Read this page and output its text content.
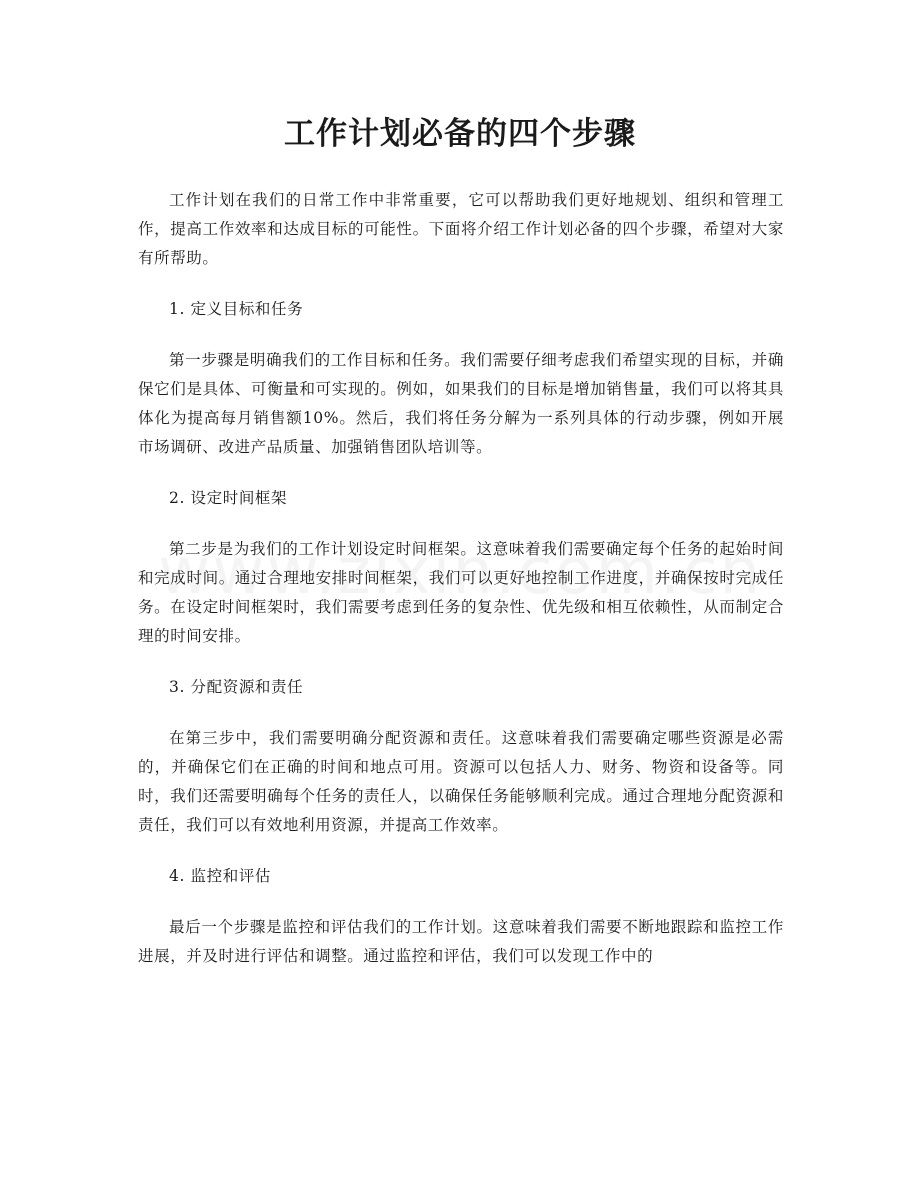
工作计划必备的四个步骤

工作计划在我们的日常工作中非常重要，它可以帮助我们更好地规划、组织和管理工作，提高工作效率和达成目标的可能性。下面将介绍工作计划必备的四个步骤，希望对大家有所帮助。

1. 定义目标和任务

第一步骤是明确我们的工作目标和任务。我们需要仔细考虑我们希望实现的目标，并确保它们是具体、可衡量和可实现的。例如，如果我们的目标是增加销售量，我们可以将其具体化为提高每月销售额10%。然后，我们将任务分解为一系列具体的行动步骤，例如开展市场调研、改进产品质量、加强销售团队培训等。

2. 设定时间框架

第二步是为我们的工作计划设定时间框架。这意味着我们需要确定每个任务的起始时间和完成时间。通过合理地安排时间框架，我们可以更好地控制工作进度，并确保按时完成任务。在设定时间框架时，我们需要考虑到任务的复杂性、优先级和相互依赖性，从而制定合理的时间安排。

3. 分配资源和责任

在第三步中，我们需要明确分配资源和责任。这意味着我们需要确定哪些资源是必需的，并确保它们在正确的时间和地点可用。资源可以包括人力、财务、物资和设备等。同时，我们还需要明确每个任务的责任人，以确保任务能够顺利完成。通过合理地分配资源和责任，我们可以有效地利用资源，并提高工作效率。

4. 监控和评估

最后一个步骤是监控和评估我们的工作计划。这意味着我们需要不断地跟踪和监控工作进展，并及时进行评估和调整。通过监控和评估，我们可以发现工作中的
